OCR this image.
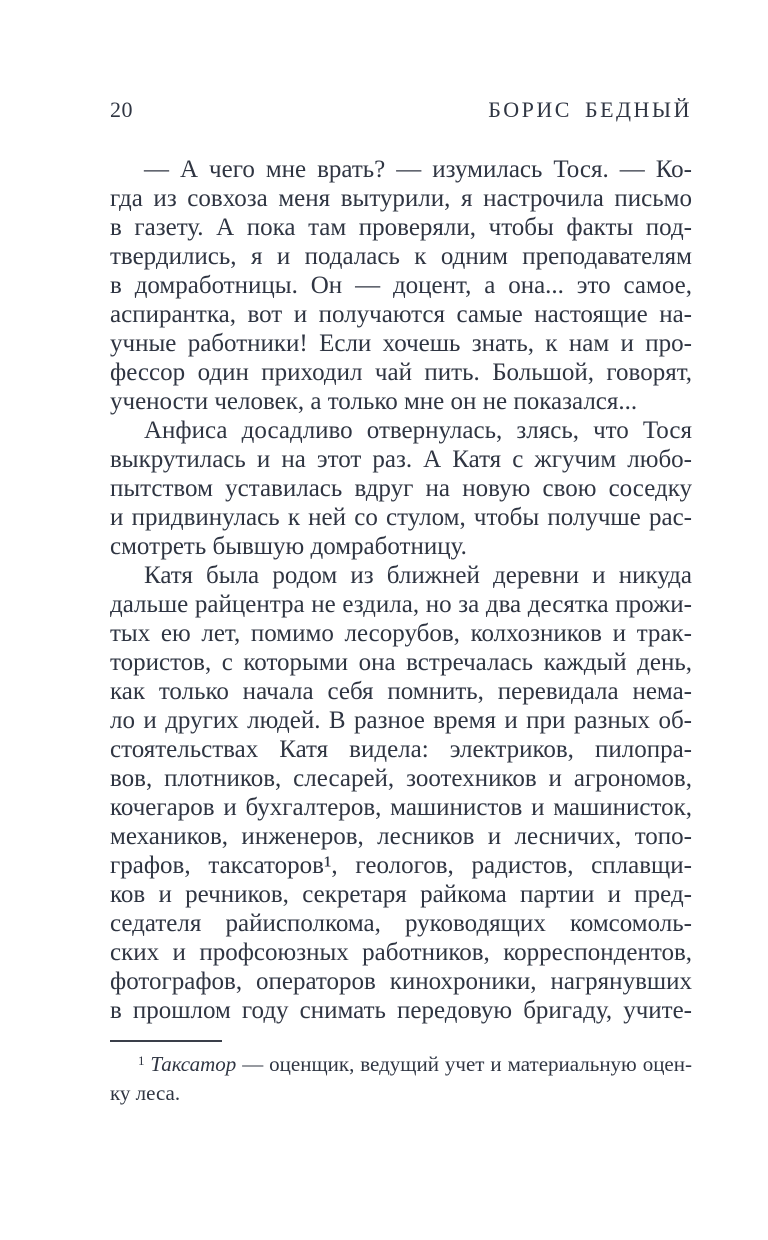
20	БОРИС БЕДНЫЙ
— А чего мне врать? — изумилась Тося. — Ко-
гда из совхоза меня вытурили, я настрочила письмо
в газету. А пока там проверяли, чтобы факты под-
твердились, я и подалась к одним преподавателям
в домработницы. Он — доцент, а она... это самое,
аспирантка, вот и получаются самые настоящие на-
учные работники! Если хочешь знать, к нам и про-
фессор один приходил чай пить. Большой, говорят,
учености человек, а только мне он не показался...
Анфиса досадливо отвернулась, злясь, что Тося
выкрутилась и на этот раз. А Катя с жгучим любо-
пытством уставилась вдруг на новую свою соседку
и придвинулась к ней со стулом, чтобы получше рас-
смотреть бывшую домработницу.
Катя была родом из ближней деревни и никуда
дальше райцентра не ездила, но за два десятка прожи-
тых ею лет, помимо лесорубов, колхозников и трак-
тористов, с которыми она встречалась каждый день,
как только начала себя помнить, перевидала нема-
ло и других людей. В разное время и при разных об-
стоятельствах Катя видела: электриков, пилопра-
вов, плотников, слесарей, зоотехников и агрономов,
кочегаров и бухгалтеров, машинистов и машинисток,
механиков, инженеров, лесников и лесничих, топо-
графов, таксаторов¹, геологов, радистов, сплавщи-
ков и речников, секретаря райкома партии и пред-
седателя райисполкома, руководящих комсомоль-
ских и профсоюзных работников, корреспондентов,
фотографов, операторов кинохроники, нагрянувших
в прошлом году снимать передовую бригаду, учите-
$^1$ Таксатор — оценщик, ведущий учет и материальную оцен-
ку леса.
